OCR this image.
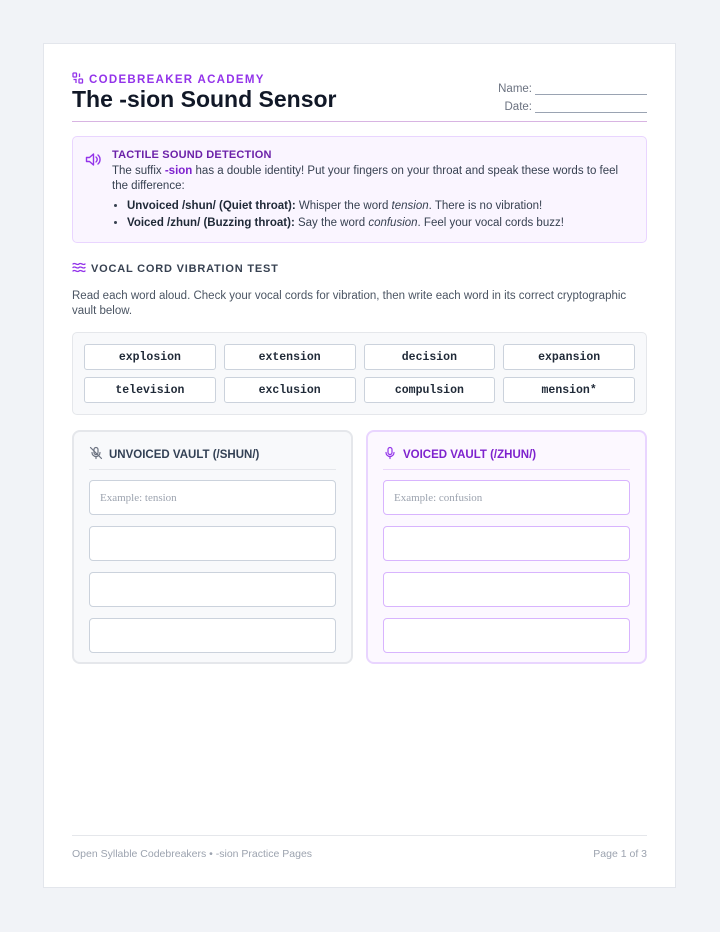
CODEBREAKER ACADEMY
The -sion Sound Sensor	Name:
Date:
TACTILE SOUND DETECTION
The suffix -sion has a double identity! Put your fingers on your throat and speak these words to feel the difference:
• Unvoiced /shun/ (Quiet throat): Whisper the word tension. There is no vibration!
• Voiced /zhun/ (Buzzing throat): Say the word confusion. Feel your vocal cords buzz!
VOCAL CORD VIBRATION TEST

Read each word aloud. Check your vocal cords for vibration, then write each word in its correct cryptographic vault below.

explosion	extension	decision	expansion
television	exclusion	compulsion	mension*
UNVOICED VAULT (/SHUN/)
Example: tension	VOICED VAULT (/ZHUN/)
Example: confusion
Open Syllable Codebreakers • -sion Practice Pages	Page 1 of 3
